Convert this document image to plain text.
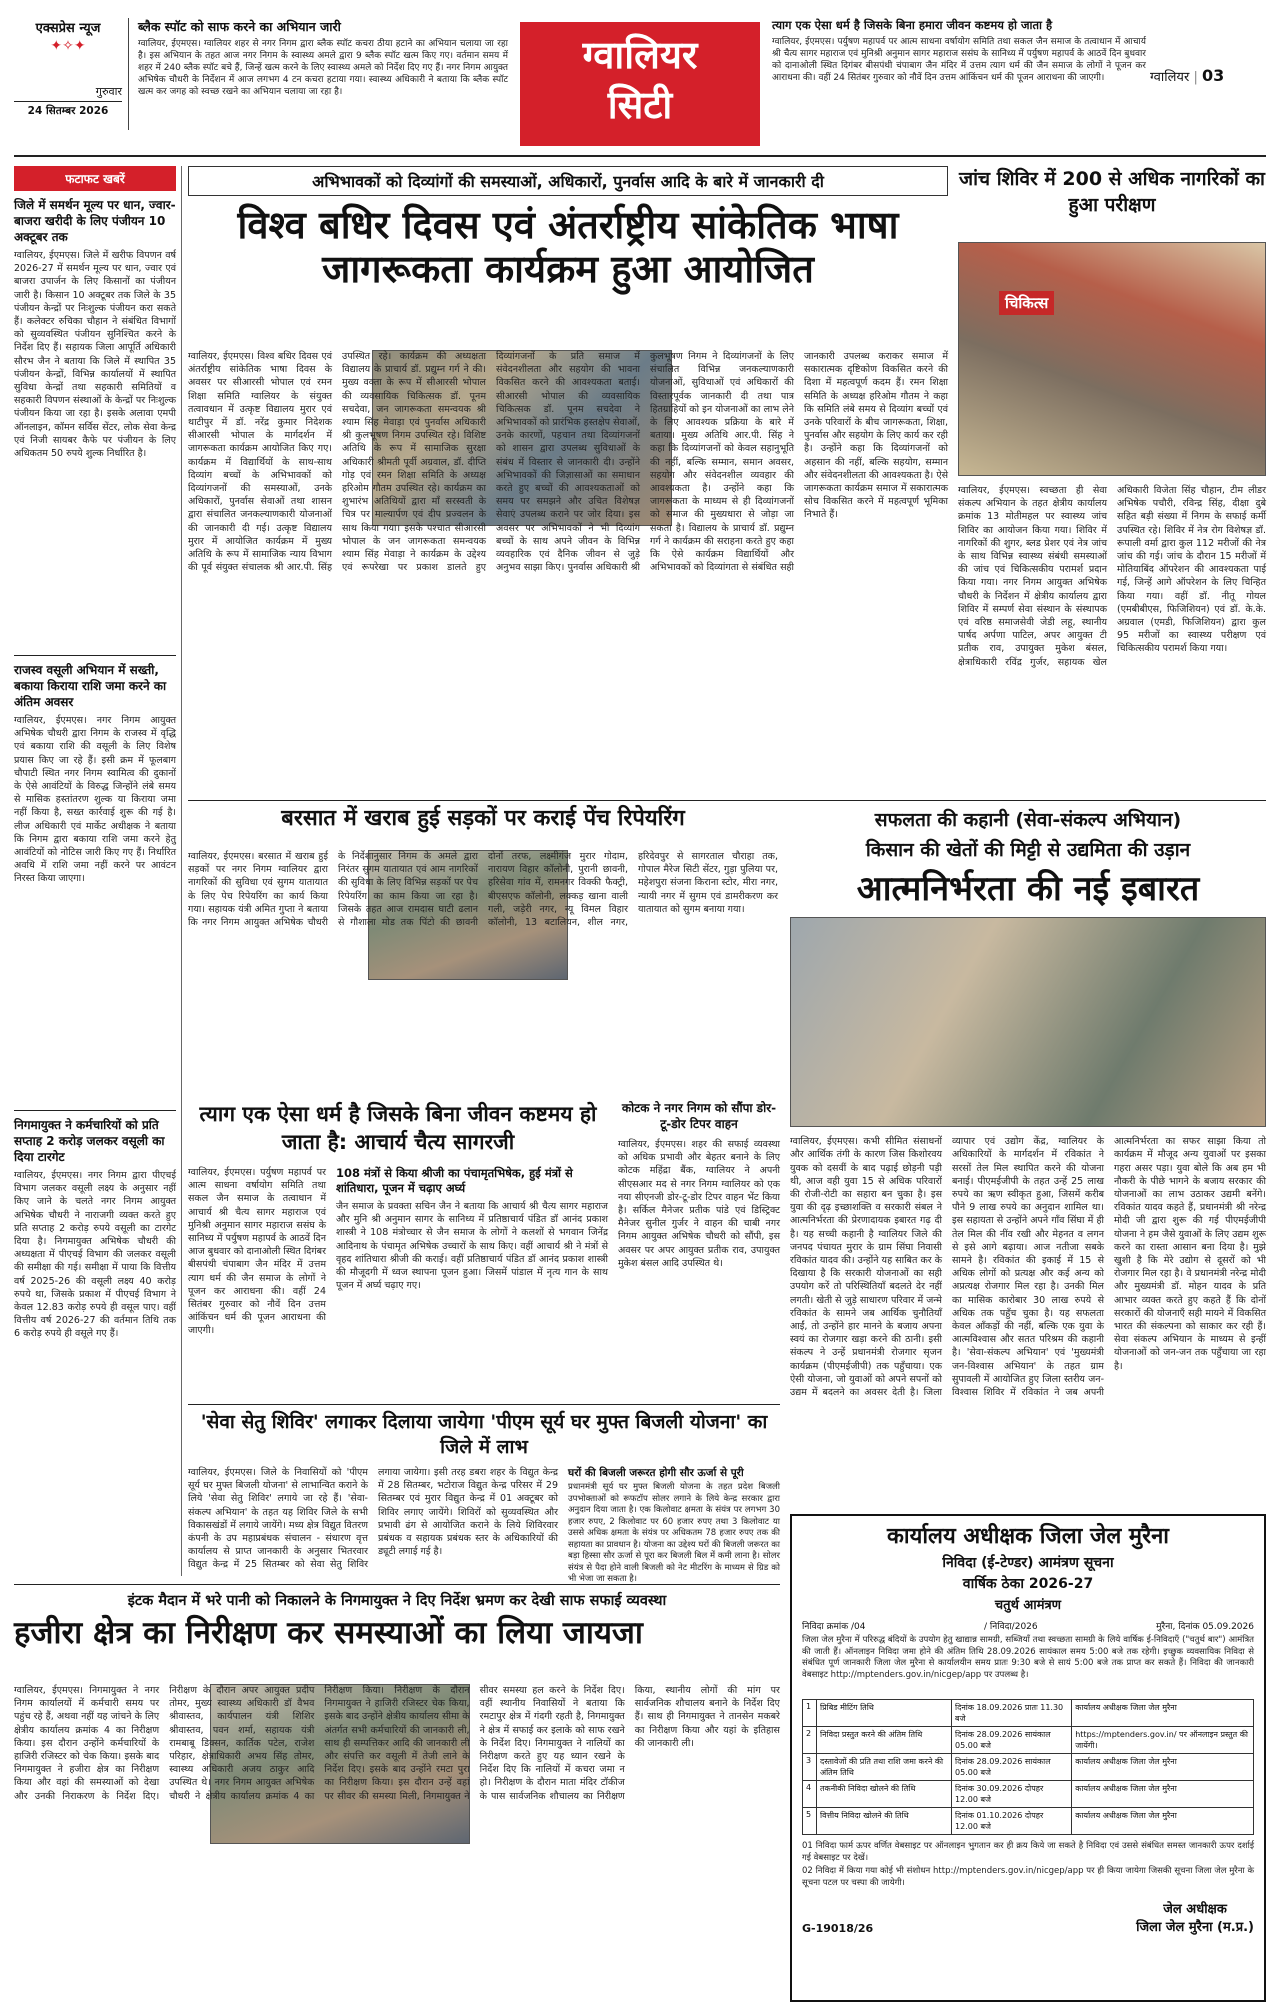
एक्सप्रेस न्यूज
✦✧✦
गुरुवार
24 सितम्बर 2026
ब्लैक स्पॉट को साफ करने का अभियान जारी
ग्वालियर, ईएमएस। ग्वालियर शहर से नगर निगम द्वारा ब्लैक स्पॉट कचरा ठीया हटाने का अभियान चलाया जा रहा है। इस अभियान के तहत आज नगर निगम के स्वास्थ्य अमले द्वारा 9 ब्लैक स्पॉट खत्म किए गए। वर्तमान समय में शहर में 240 ब्लैक स्पॉट बचे हैं, जिन्हें खत्म करने के लिए स्वास्थ्य अमले को निर्देश दिए गए हैं। नगर निगम आयुक्त अभिषेक चौधरी के निर्देशन में आज लगभग 4 टन कचरा हटाया गया। स्वास्थ्य अधिकारी ने बताया कि ब्लैक स्पॉट खत्म कर जगह को स्वच्छ रखने का अभियान चलाया जा रहा है।
ग्वालियर
सिटी
त्याग एक ऐसा धर्म है जिसके बिना हमारा जीवन कष्टमय हो जाता है
ग्वालियर, ईएमएस। पर्युषण महापर्व पर आत्म साधना वर्षायोग समिति तथा सकल जैन समाज के तत्वाधान में आचार्य श्री चैत्य सागर महाराज एवं मुनिश्री अनुमान सागर महाराज ससंघ के सानिध्य में पर्युषण महापर्व के आठवें दिन बुधवार को दानाओली स्थित दिगंबर बीसपंथी चंपाबाग जैन मंदिर में उत्तम त्याग धर्म की जैन समाज के लोगों ने पूजन कर आराधना की। वहीं 24 सितंबर गुरुवार को नौवें दिन उत्तम आंकिंचन धर्म की पूजन आराधना की जाएगी।	ग्वालियर | 03
फटाफट खबरें
जिले में समर्थन मूल्य पर धान, ज्वार-बाजरा खरीदी के लिए पंजीयन 10 अक्टूबर तक
ग्वालियर, ईएमएस। जिले में खरीफ विपणन वर्ष 2026-27 में समर्थन मूल्य पर धान, ज्वार एवं बाजरा उपार्जन के लिए किसानों का पंजीयन जारी है। किसान 10 अक्टूबर तक जिले के 35 पंजीयन केन्द्रों पर निःशुल्क पंजीयन करा सकते हैं। कलेक्टर रुचिका चौहान ने संबंधित विभागों को सुव्यवस्थित पंजीयन सुनिश्चित करने के निर्देश दिए हैं। सहायक जिला आपूर्ति अधिकारी सौरभ जैन ने बताया कि जिले में स्थापित 35 पंजीयन केन्द्रों, विभिन्न कार्यालयों में स्थापित सुविधा केन्द्रों तथा सहकारी समितियों व सहकारी विपणन संस्थाओं के केन्द्रों पर निःशुल्क पंजीयन किया जा रहा है। इसके अलावा एमपी ऑनलाइन, कॉमन सर्विस सेंटर, लोक सेवा केन्द्र एवं निजी सायबर कैफे पर पंजीयन के लिए अधिकतम 50 रुपये शुल्क निर्धारित है।
राजस्व वसूली अभियान में सख्ती, बकाया किराया राशि जमा करने का अंतिम अवसर
ग्वालियर, ईएमएस। नगर निगम आयुक्त अभिषेक चौधरी द्वारा निगम के राजस्व में वृद्धि एवं बकाया राशि की वसूली के लिए विशेष प्रयास किए जा रहे हैं। इसी क्रम में फूलबाग चौपाटी स्थित नगर निगम स्वामित्व की दुकानों के ऐसे आवंटियों के विरुद्ध जिन्होंने लंबे समय से मासिक हस्तांतरण शुल्क या किराया जमा नहीं किया है, सख्त कार्रवाई शुरू की गई है। लीज अधिकारी एवं मार्केट अधीक्षक ने बताया कि निगम द्वारा बकाया राशि जमा करने हेतु आवंटियों को नोटिस जारी किए गए हैं। निर्धारित अवधि में राशि जमा नहीं करने पर आवंटन निरस्त किया जाएगा।
निगमायुक्त ने कर्मचारियों को प्रति सप्ताह 2 करोड़ जलकर वसूली का दिया टारगेट
ग्वालियर, ईएमएस। नगर निगम द्वारा पीएचई विभाग जलकर वसूली लक्ष्य के अनुसार नहीं किए जाने के चलते नगर निगम आयुक्त अभिषेक चौधरी ने नाराजगी व्यक्त करते हुए प्रति सप्ताह 2 करोड़ रुपये वसूली का टारगेट दिया है। निगमायुक्त अभिषेक चौधरी की अध्यक्षता में पीएचई विभाग की जलकर वसूली की समीक्षा की गई। समीक्षा में पाया कि वित्तीय वर्ष 2025-26 की वसूली लक्ष्य 40 करोड़ रुपये था, जिसके प्रकाश में पीएचई विभाग ने केवल 12.83 करोड़ रुपये ही वसूल पाए। वहीं वित्तीय वर्ष 2026-27 की वर्तमान तिथि तक 6 करोड़ रुपये ही वसूले गए हैं।
अभिभावकों को दिव्यांगों की समस्याओं, अधिकारों, पुनर्वास आदि के बारे में जानकारी दी
विश्व बधिर दिवस एवं अंतर्राष्ट्रीय सांकेतिक भाषा जागरूकता कार्यक्रम हुआ आयोजित
ग्वालियर, ईएमएस। विश्व बधिर दिवस एवं अंतर्राष्ट्रीय सांकेतिक भाषा दिवस के अवसर पर सीआरसी भोपाल एवं रमन शिक्षा समिति ग्वालियर के संयुक्त तत्वावधान में उत्कृष्ट विद्यालय मुरार एवं थाटीपुर में डॉ. नरेंद्र कुमार निदेशक सीआरसी भोपाल के मार्गदर्शन में जागरूकता कार्यक्रम आयोजित किए गए। कार्यक्रम में विद्यार्थियों के साथ-साथ दिव्यांग बच्चों के अभिभावकों को दिव्यांगजनों की समस्याओं, उनके अधिकारों, पुनर्वास सेवाओं तथा शासन द्वारा संचालित जनकल्याणकारी योजनाओं की जानकारी दी गई। उत्कृष्ट विद्यालय मुरार में आयोजित कार्यक्रम में मुख्य अतिथि के रूप में सामाजिक न्याय विभाग की पूर्व संयुक्त संचालक श्री आर.पी. सिंह उपस्थित रहे। कार्यक्रम की अध्यक्षता विद्यालय के प्राचार्य डॉ. प्रद्युम्न गर्ग ने की। मुख्य वक्ता के रूप में सीआरसी भोपाल की व्यवसायिक चिकित्सक डॉ. पूनम सचदेवा, जन जागरूकता समन्वयक श्री श्याम सिंह मेवाड़ा एवं पुनर्वास अधिकारी श्री कुलभूषण निगम उपस्थित रहे। विशिष्ट अतिथि के रूप में सामाजिक सुरक्षा अधिकारी श्रीमती पूर्वी अग्रवाल, डॉ. दीप्ति गोड़ एवं रमन शिक्षा समिति के अध्यक्ष हरिओम गौतम उपस्थित रहे। कार्यक्रम का शुभारंभ अतिथियों द्वारा माँ सरस्वती के चित्र पर माल्यार्पण एवं दीप प्रज्वलन के साथ किया गया। इसके पश्चात सीआरसी भोपाल के जन जागरूकता समन्वयक श्याम सिंह मेवाड़ा ने कार्यक्रम के उद्देश्य एवं रूपरेखा पर प्रकाश डालते हुए दिव्यांगजनों के प्रति समाज में संवेदनशीलता और सहयोग की भावना विकसित करने की आवश्यकता बताई। सीआरसी भोपाल की व्यवसायिक चिकित्सक डॉ. पूनम सचदेवा ने अभिभावकों को प्रारंभिक हस्तक्षेप सेवाओं, उनके कारणों, पहचान तथा दिव्यांगजनों को शासन द्वारा उपलब्ध सुविधाओं के संबंध में विस्तार से जानकारी दी। उन्होंने अभिभावकों की जिज्ञासाओं का समाधान करते हुए बच्चों की आवश्यकताओं को समय पर समझने और उचित विशेषज्ञ सेवाएं उपलब्ध कराने पर जोर दिया। इस अवसर पर अभिभावकों ने भी दिव्यांग बच्चों के साथ अपने जीवन के विभिन्न व्यवहारिक एवं दैनिक जीवन से जुड़े अनुभव साझा किए। पुनर्वास अधिकारी श्री कुलभूषण निगम ने दिव्यांगजनों के लिए संचालित विभिन्न जनकल्याणकारी योजनाओं, सुविधाओं एवं अधिकारों की विस्तारपूर्वक जानकारी दी तथा पात्र हितग्राहियों को इन योजनाओं का लाभ लेने के लिए आवश्यक प्रक्रिया के बारे में बताया। मुख्य अतिथि आर.पी. सिंह ने कहा कि दिव्यांगजनों को केवल सहानुभूति की नहीं, बल्कि सम्मान, समान अवसर, सहयोग और संवेदनशील व्यवहार की आवश्यकता है। उन्होंने कहा कि जागरूकता के माध्यम से ही दिव्यांगजनों को समाज की मुख्यधारा से जोड़ा जा सकता है। विद्यालय के प्राचार्य डॉ. प्रद्युम्न गर्ग ने कार्यक्रम की सराहना करते हुए कहा कि ऐसे कार्यक्रम विद्यार्थियों और अभिभावकों को दिव्यांगता से संबंधित सही जानकारी उपलब्ध कराकर समाज में सकारात्मक दृष्टिकोण विकसित करने की दिशा में महत्वपूर्ण कदम हैं। रमन शिक्षा समिति के अध्यक्ष हरिओम गौतम ने कहा कि समिति लंबे समय से दिव्यांग बच्चों एवं उनके परिवारों के बीच जागरूकता, शिक्षा, पुनर्वास और सहयोग के लिए कार्य कर रही है। उन्होंने कहा कि दिव्यांगजनों को अहसान की नहीं, बल्कि सहयोग, सम्मान और संवेदनशीलता की आवश्यकता है। ऐसे जागरूकता कार्यक्रम समाज में सकारात्मक सोच विकसित करने में महत्वपूर्ण भूमिका निभाते हैं।
जांच शिविर में 200 से अधिक नागरिकों का हुआ परीक्षण
चिकित्स
ग्वालियर, ईएमएस। स्वच्छता ही सेवा संकल्प अभियान के तहत क्षेत्रीय कार्यालय क्रमांक 13 मोतीमहल पर स्वास्थ्य जांच शिविर का आयोजन किया गया। शिविर में नागरिकों की शुगर, ब्लड प्रेशर एवं नेत्र जांच के साथ विभिन्न स्वास्थ्य संबंधी समस्याओं की जांच एवं चिकित्सकीय परामर्श प्रदान किया गया। नगर निगम आयुक्त अभिषेक चौधरी के निर्देशन में क्षेत्रीय कार्यालय द्वारा शिविर में सम्पर्ण सेवा संस्थान के संस्थापक एवं वरिष्ठ समाजसेवी जेडी लहू, स्थानीय पार्षद अर्पणा पाटिल, अपर आयुक्त टी प्रतीक राव, उपायुक्त मुकेश बंसल, क्षेत्राधिकारी रविंद्र गुर्जर, सहायक खेल अधिकारी विजेता सिंह चौहान, टीम लीडर अभिषेक पचौरी, रविन्द्र सिंह, दीक्षा दुबे सहित बड़ी संख्या में निगम के सफाई कर्मी उपस्थित रहे। शिविर में नेत्र रोग विशेषज्ञ डॉ. रूपाली वर्मा द्वारा कुल 112 मरीजों की नेत्र जांच की गई। जांच के दौरान 15 मरीजों में मोतियाबिंद ऑपरेशन की आवश्यकता पाई गई, जिन्हें आगे ऑपरेशन के लिए चिन्हित किया गया। वहीं डॉ. नीतू गोयल (एमबीबीएस, फिजिशियन) एवं डॉ. के.के. अग्रवाल (एमडी, फिजिशियन) द्वारा कुल 95 मरीजों का स्वास्थ्य परीक्षण एवं चिकित्सकीय परामर्श किया गया।
बरसात में खराब हुई सड़कों पर कराई पेंच रिपेयरिंग
ग्वालियर, ईएमएस। बरसात में खराब हुई सड़कों पर नगर निगम ग्वालियर द्वारा नागरिकों की सुविधा एवं सुगम यातायात के लिए पेच रिपेयरिंग का कार्य किया गया। सहायक यंत्री अमित गुप्ता ने बताया कि नगर निगम आयुक्त अभिषेक चौधरी के निर्देशानुसार निगम के अमले द्वारा निरंतर सुगम यातायात एवं आम नागरिकों की सुविधा के लिए विभिन्न सड़कों पर पेच रिपेयरिंग का काम किया जा रहा है। जिसके तहत आज रामदास घाटी ढलान से गौशाला मोड तक पिंटो की छावनी दोनों तरफ, लक्ष्मीगंज मुरार गोदाम, नारायण विहार कॉलोनी, पुरानी छावनी, हरिसेवा गांव में, रामनगर विक्की फैक्ट्री, बीएसएफ कॉलोनी, लक्कड़ खाना वाली गली, जड़ेरी नगर, न्यू विमल विहार कॉलोनी, 13 बटालियन, शील नगर, हरिदेवपुर से सागरताल चौराहा तक, गोपाल मैरेज सिटी सेंटर, गुड़ा पुलिया पर, महेशपुरा संजना किराना स्टोर, मीरा नगर, न्यायी नगर में सुगम एवं डामरीकरण कर यातायात को सुगम बनाया गया।
सफलता की कहानी (सेवा-संकल्प अभियान)
किसान की खेतों की मिट्टी से उद्यमिता की उड़ान
आत्मनिर्भरता की नई इबारत
ग्वालियर, ईएमएस। कभी सीमित संसाधनों और आर्थिक तंगी के कारण जिस किशोरवय युवक को दसवीं के बाद पढ़ाई छोड़नी पड़ी थी, आज वही युवा 15 से अधिक परिवारों की रोजी-रोटी का सहारा बन चुका है। इस युवा की दृढ़ इच्छाशक्ति व सरकारी संबल ने आत्मनिर्भरता की प्रेरणादायक इबारत गढ़ दी है। यह सच्ची कहानी है ग्वालियर जिले की जनपद पंचायत मुरार के ग्राम सिंघा निवासी रविकांत यादव की। उन्होंने यह साबित कर के दिखाया है कि सरकारी योजनाओं का सही उपयोग करें तो परिस्थितियाँ बदलते देर नहीं लगती। खेती से जुड़े साधारण परिवार में जन्मे रविकांत के सामने जब आर्थिक चुनौतियाँ आईं, तो उन्होंने हार मानने के बजाय अपना स्वयं का रोजगार खड़ा करने की ठानी। इसी संकल्प ने उन्हें प्रधानमंत्री रोजगार सृजन कार्यक्रम (पीएमईजीपी) तक पहुँचाया। एक ऐसी योजना, जो युवाओं को अपने सपनों को उद्यम में बदलने का अवसर देती है। जिला व्यापार एवं उद्योग केंद्र, ग्वालियर के अधिकारियों के मार्गदर्शन में रविकांत ने सरसों तेल मिल स्थापित करने की योजना बनाई। पीएमईजीपी के तहत उन्हें 25 लाख रुपये का ऋण स्वीकृत हुआ, जिसमें करीब पौने 9 लाख रुपये का अनुदान शामिल था। इस सहायता से उन्होंने अपने गाँव सिंघा में ही तेल मिल की नींव रखी और मेहनत व लगन से इसे आगे बढ़ाया। आज नतीजा सबके सामने है। रविकांत की इकाई में 15 से अधिक लोगों को प्रत्यक्ष और कई अन्य को अप्रत्यक्ष रोजगार मिल रहा है। उनकी मिल का मासिक कारोबार 30 लाख रुपये से अधिक तक पहुँच चुका है। यह सफलता केवल आँकड़ों की नहीं, बल्कि एक युवा के आत्मविश्वास और सतत परिश्रम की कहानी है। 'सेवा-संकल्प अभियान' एवं 'मुख्यमंत्री जन-विश्वास अभियान' के तहत ग्राम सुपावली में आयोजित हुए जिला स्तरीय जन-विश्वास शिविर में रविकांत ने जब अपनी आत्मनिर्भरता का सफर साझा किया तो कार्यक्रम में मौजूद अन्य युवाओं पर इसका गहरा असर पड़ा। युवा बोले कि अब हम भी नौकरी के पीछे भागने के बजाय सरकार की योजनाओं का लाभ उठाकर उद्यमी बनेंगे। रविकांत यादव कहते हैं, प्रधानमंत्री श्री नरेन्द्र मोदी जी द्वारा शुरू की गई पीएमईजीपी योजना ने हम जैसे युवाओं के लिए उद्यम शुरू करने का रास्ता आसान बना दिया है। मुझे खुशी है कि मेरे उद्योग से दूसरों को भी रोजगार मिल रहा है। वे प्रधानमंत्री नरेन्द्र मोदी और मुख्यमंत्री डॉ. मोहन यादव के प्रति आभार व्यक्त करते हुए कहते हैं कि दोनों सरकारों की योजनाएँ सही मायने में विकसित भारत की संकल्पना को साकार कर रही हैं। सेवा संकल्प अभियान के माध्यम से इन्हीं योजनाओं को जन-जन तक पहुँचाया जा रहा है।
त्याग एक ऐसा धर्म है जिसके बिना जीवन कष्टमय हो जाता है: आचार्य चैत्य सागरजी
ग्वालियर, ईएमएस। पर्युषण महापर्व पर आत्म साधना वर्षायोग समिति तथा सकल जैन समाज के तत्वाधान में आचार्य श्री चैत्य सागर महाराज एवं मुनिश्री अनुमान सागर महाराज ससंघ के सानिध्य में पर्युषण महापर्व के आठवें दिन आज बुधवार को दानाओली स्थित दिगंबर बीसपंथी चंपाबाग जैन मंदिर में उत्तम त्याग धर्म की जैन समाज के लोगों ने पूजन कर आराधना की। वहीं 24 सितंबर गुरुवार को नौवें दिन उत्तम आंकिंचन धर्म की पूजन आराधना की जाएगी।
108 मंत्रों से किया श्रीजी का पंचामृतभिषेक, हुई मंत्रों से शांतिधारा, पूजन में चढ़ाए अर्घ्य
जैन समाज के प्रवक्ता सचिन जैन ने बताया कि आचार्य श्री चैत्य सागर महाराज और मुनि श्री अनुमान सागर के सानिध्य में प्रतिष्ठाचार्य पंडित डॉ आनंद प्रकाश शास्त्री ने 108 मंत्रोच्चार से जैन समाज के लोगों ने कलशों से भगवान जिनेंद्र आदिनाथ के पंचामृत अभिषेक उच्चारों के साथ किए। वहीं आचार्य श्री ने मंत्रों से वृहद शांतिधारा श्रीजी की कराई। वहीं प्रतिष्ठाचार्य पंडित डॉ आनंद प्रकाश शास्त्री की मौजूदगी में ध्वज स्थापना पूजन हुआ। जिसमें पांडाल में नृत्य गान के साथ पूजन में अर्घ्य चढ़ाए गए।
कोटक ने नगर निगम को सौंपा डोर-टू-डोर टिपर वाहन
ग्वालियर, ईएमएस। शहर की सफाई व्यवस्था को अधिक प्रभावी और बेहतर बनाने के लिए कोटक महिंद्रा बैंक, ग्वालियर ने अपनी सीएसआर मद से नगर निगम ग्वालियर को एक नया सीएनजी डोर-टू-डोर टिपर वाहन भेंट किया है। सर्किल मैनेजर प्रतीक पांडे एवं डिस्ट्रिक्ट मैनेजर सुनील गुर्जर ने वाहन की चाबी नगर निगम आयुक्त अभिषेक चौधरी को सौंपी, इस अवसर पर अपर आयुक्त प्रतीक राव, उपायुक्त मुकेश बंसल आदि उपस्थित थे।
'सेवा सेतु शिविर' लगाकर दिलाया जायेगा 'पीएम सूर्य घर मुफ्त बिजली योजना' का जिले में लाभ
ग्वालियर, ईएमएस। जिले के निवासियों को 'पीएम सूर्य घर मुफ्त बिजली योजना' से लाभान्वित कराने के लिये 'सेवा सेतु शिविर' लगाये जा रहे हैं। 'सेवा-संकल्प अभियान' के तहत यह शिविर जिले के सभी विकासखंडों में लगाये जायेंगे। मध्य क्षेत्र विद्युत वितरण कंपनी के उप महाप्रबंधक संचालन - संधारण वृत्त कार्यालय से प्राप्त जानकारी के अनुसार भितरवार विद्युत केन्द्र में 25 सितम्बर को सेवा सेतु शिविर लगाया जायेगा। इसी तरह डबरा शहर के विद्युत केन्द्र में 28 सितम्बर, भटोराज विद्युत केन्द्र परिसर में 29 सितम्बर एवं मुरार विद्युत केन्द्र में 01 अक्टूबर को शिविर लगाए जायेंगे। शिविरों को सुव्यवस्थित और प्रभावी ढंग से आयोजित कराने के लिये शिविरवार प्रबंधक व सहायक प्रबंधक स्तर के अधिकारियों की ड्यूटी लगाई गई है।
घरों की बिजली जरूरत होगी सौर ऊर्जा से पूरी
प्रधानमंत्री सूर्य घर मुफ्त बिजली योजना के तहत प्रदेश बिजली उपभोक्ताओं को रूफटॉप सोलर लगाने के लिये केन्द्र सरकार द्वारा अनुदान दिया जाता है। एक किलोवाट क्षमता के संयंत्र पर लगभग 30 हजार रुपए, 2 किलोवाट पर 60 हजार रुपए तथा 3 किलोवाट या उससे अधिक क्षमता के संयंत्र पर अधिकतम 78 हजार रुपए तक की सहायता का प्रावधान है। योजना का उद्देश्य घरों की बिजली जरूरत का बड़ा हिस्सा सौर ऊर्जा से पूरा कर बिजली बिल में कमी लाना है। सोलर संयंत्र से पैदा होने वाली बिजली को नेट मीटरिंग के माध्यम से ग्रिड को भी भेजा जा सकता है।
इंटक मैदान में भरे पानी को निकालने के निगमायुक्त ने दिए निर्देश भ्रमण कर देखी साफ सफाई व्यवस्था
हजीरा क्षेत्र का निरीक्षण कर समस्याओं का लिया जायजा
ग्वालियर, ईएमएस। निगमायुक्त ने नगर निगम कार्यालयों में कर्मचारी समय पर पहुंच रहे हैं, अथवा नहीं यह जांचने के लिए क्षेत्रीय कार्यालय क्रमांक 4 का निरीक्षण किया। इस दौरान उन्होंने कर्मचारियों के हाजिरी रजिस्टर को चेक किया। इसके बाद निगमायुक्त ने हजीरा क्षेत्र का निरीक्षण किया और वहां की समस्याओं को देखा और उनकी निराकरण के निर्देश दिए। निरीक्षण के दौरान अपर आयुक्त प्रदीप तोमर, मुख्य स्वास्थ्य अधिकारी डॉ वैभव श्रीवास्तव, कार्यपालन यंत्री शिशिर श्रीवास्तव, पवन शर्मा, सहायक यंत्री रामबाबू डिक्सन, कार्तिक पटेल, राजेश परिहार, क्षेत्राधिकारी अभय सिंह तोमर, स्वास्थ्य अधिकारी अजय ठाकुर आदि उपस्थित थे। नगर निगम आयुक्त अभिषेक चौधरी ने क्षेत्रीय कार्यालय क्रमांक 4 का निरीक्षण किया। निरीक्षण के दौरान निगमायुक्त ने हाजिरी रजिस्टर चेक किया, इसके बाद उन्होंने क्षेत्रीय कार्यालय सीमा के अंतर्गत सभी कर्मचारियों की जानकारी ली, साथ ही सम्पत्तिकर आदि की जानकारी ली और संपत्ति कर वसूली में तेजी लाने के निर्देश दिए। इसके बाद उन्होंने रमटा पुरा का निरीक्षण किया। इस दौरान उन्हें वहां पर सीवर की समस्या मिली, निगमायुक्त ने सीवर समस्या हल करने के निर्देश दिए। वहीं स्थानीय निवासियों ने बताया कि रमटापुर क्षेत्र में गंदगी रहती है, निगमायुक्त ने क्षेत्र में सफाई कर इलाके को साफ रखने के निर्देश दिए। निगमायुक्त ने नालियों का निरीक्षण करते हुए यह ध्यान रखने के निर्देश दिए कि नालियों में कचरा जमा न हो। निरीक्षण के दौरान माता मंदिर टॉकीज के पास सार्वजनिक शौचालय का निरीक्षण किया, स्थानीय लोगों की मांग पर सार्वजनिक शौचालय बनाने के निर्देश दिए हैं। साथ ही निगमायुक्त ने तानसेन मकबरे का निरीक्षण किया और यहां के इतिहास की जानकारी ली।
कार्यालय अधीक्षक जिला जेल मुरैना
निविदा (ई-टेण्डर) आमंत्रण सूचना
वार्षिक ठेका 2026-27
चतुर्थ आमंत्रण
निविदा क्रमांक /04	/ निविदा/2026	मुरैना, दिनांक 05.09.2026
जिला जेल मुरैना में परिरुद्ध बंदियों के उपयोग हेतु खाद्यान्न सामग्री, सब्जियाँ तथा स्वच्छता सामग्री के लिये वार्षिक ई-निविदाएँ ("चतुर्थ बार") आमंत्रित की जाती हैं। ऑनलाइन निविदा जमा होने की अंतिम तिथि 28.09.2026 सायंकाल समय 5:00 बजे तक रहेगी। इच्छुक व्यवसायिक निविदा से संबंधित पूर्ण जानकारी जिला जेल मुरैना से कार्यालयीन समय प्रातः 9:30 बजे से सायं 5:00 बजे तक प्राप्त कर सकते हैं। निविदा की जानकारी वेबसाइट http://mptenders.gov.in/nicgep/app पर उपलब्ध है।
1	प्रिबिड मीटिंग तिथि	दिनांक 18.09.2026 प्रातः 11.30 बजे	कार्यालय अधीक्षक जिला जेल मुरैना
2	निविदा प्रस्तुत करने की अंतिम तिथि	दिनांक 28.09.2026 सायंकाल 05.00 बजे	https://mptenders.gov.in/ पर ऑनलाइन प्रस्तुत की जायेंगी।
3	दस्तावेजों की प्रति तथा राशि जमा करने की अंतिम तिथि	दिनांक 28.09.2026 सायंकाल 05.00 बजे	कार्यालय अधीक्षक जिला जेल मुरैना
4	तकनीकी निविदा खोलने की तिथि	दिनांक 30.09.2026 दोपहर 12.00 बजे	कार्यालय अधीक्षक जिला जेल मुरैना
5	वित्तीय निविदा खोलने की तिथि	दिनांक 01.10.2026 दोपहर 12.00 बजे	कार्यालय अधीक्षक जिला जेल मुरैना
01 निविदा फार्म ऊपर वर्णित वेबसाइट पर ऑनलाइन भुगतान कर ही क्रय किये जा सकते है निविदा एवं उससे संबंधित समस्त जानकारी ऊपर दर्शाई गई वेबसाइट पर देखें।
02 निविदा में किया गया कोई भी संशोधन http://mptenders.gov.in/nicgep/app पर ही किया जायेगा जिसकी सूचना जिला जेल मुरैना के सूचना पटल पर चस्पा की जायेगी।
G-19018/26
जेल अधीक्षक
जिला जेल मुरैना (म.प्र.)
